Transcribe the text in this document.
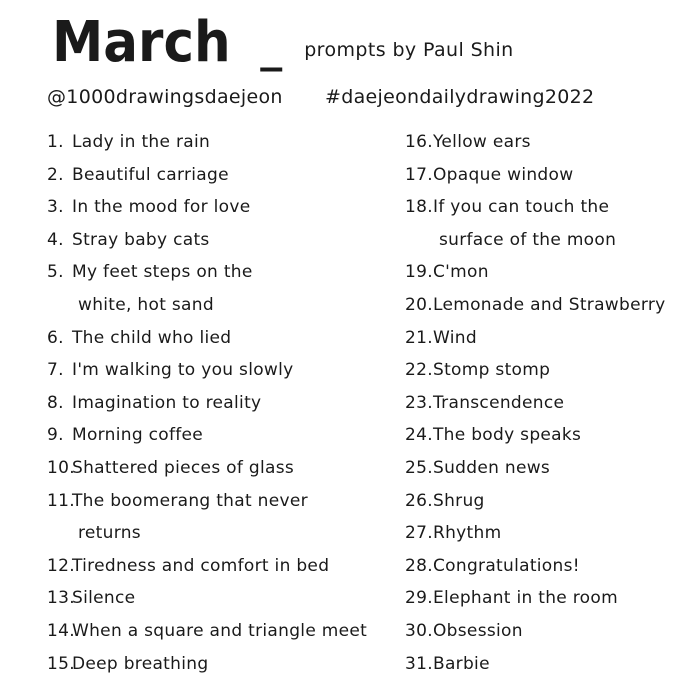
March _ prompts by Paul Shin
@1000drawingsdaejeon #daejeondailydrawing2022
1. Lady in the rain
2. Beautiful carriage
3. In the mood for love
4. Stray baby cats
5. My feet steps on the
white, hot sand
6. The child who lied
7. I'm walking to you slowly
8. Imagination to reality
9. Morning coffee
10.
Shattered pieces of glass
11.
The boomerang that never
returns
12.
Tiredness and comfort in bed
13.
Silence
14.
When a square and triangle meet
15.
Deep breathing
16. Yellow ears
17. Opaque window
18. If you can touch the
surface of the moon
19. C'mon
20. Lemonade and Strawberry
21. Wind
22. Stomp stomp
23. Transcendence
24. The body speaks
25. Sudden news
26. Shrug
27. Rhythm
28. Congratulations!
29. Elephant in the room
30. Obsession
31. Barbie
